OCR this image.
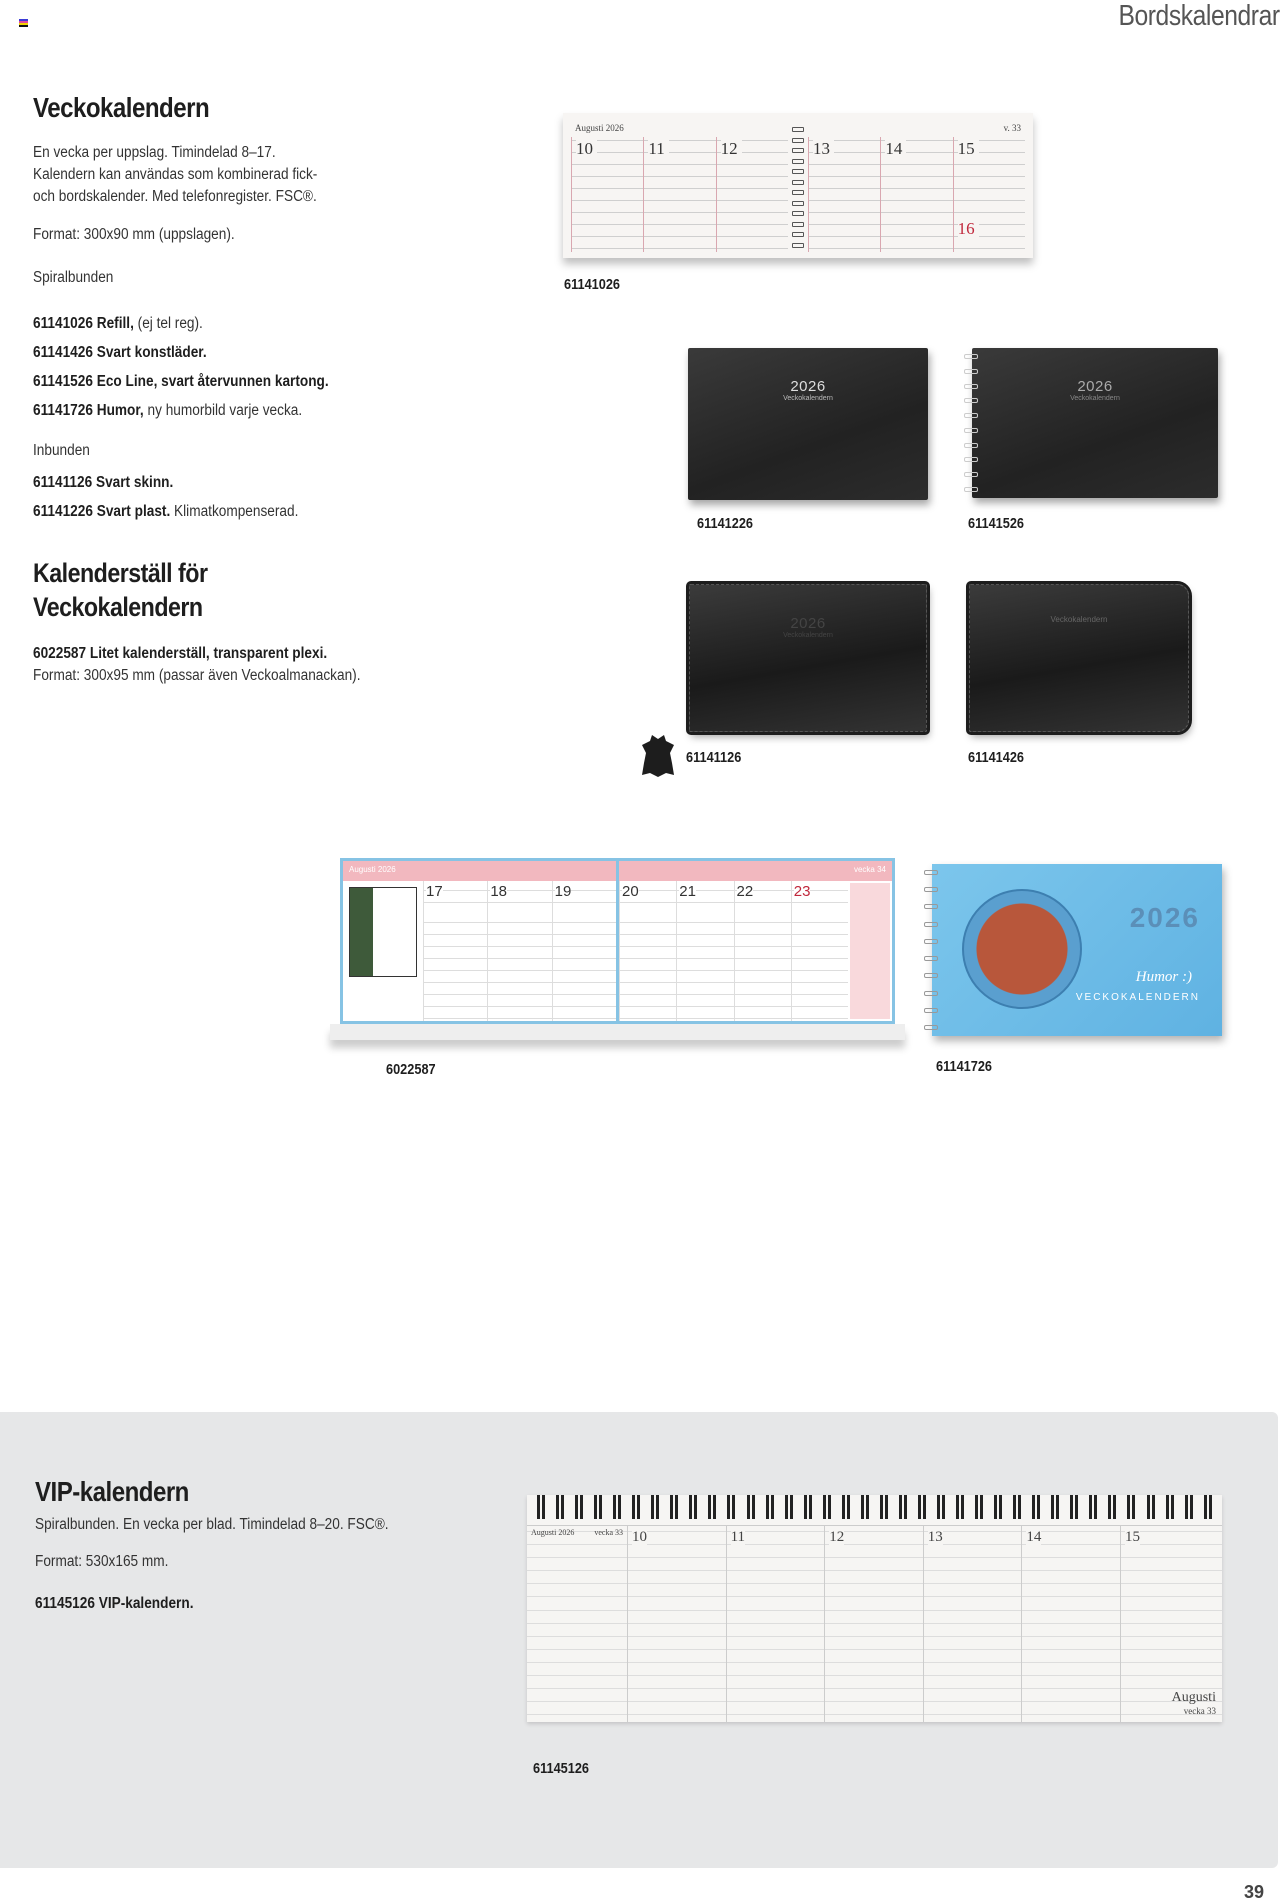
Bordskalendrar
Veckokalendern
En vecka per uppslag. Timindelad 8–17.
Kalendern kan användas som kombinerad fick-
och bordskalender. Med telefonregister. FSC®.
Format: 300x90 mm (uppslagen).
Spiralbunden
61141026 Refill, (ej tel reg).
61141426 Svart konstläder.
61141526 Eco Line, svart återvunnen kartong.
61141726 Humor, ny humorbild varje vecka.
Inbunden
61141126 Svart skinn.
61141226 Svart plast. Klimatkompenserad.
Kalenderställ för
Veckokalendern
6022587 Litet kalenderställ, transparent plexi.
Format: 300x95 mm (passar även Veckoalmanackan).
Augusti 2026
10	11	12
v. 33
13	14	15
16
61141026
2026
Veckokalendern
61141226
2026
Veckokalendern
61141526
2026
Veckokalendern
61141126
Veckokalendern
61141426
Augusti 2026
17	18	19
vecka 34
20	21	22	23
6022587
2026
Humor :)
VECKOKALENDERN
61141726
VIP-kalendern
Spiralbunden. En vecka per blad. Timindelad 8–20. FSC®.
Format: 530x165 mm.
61145126 VIP-kalendern.
Augusti 2026	vecka 33 10	11	12	13	14	15
Augusti
vecka 33
61145126
39
